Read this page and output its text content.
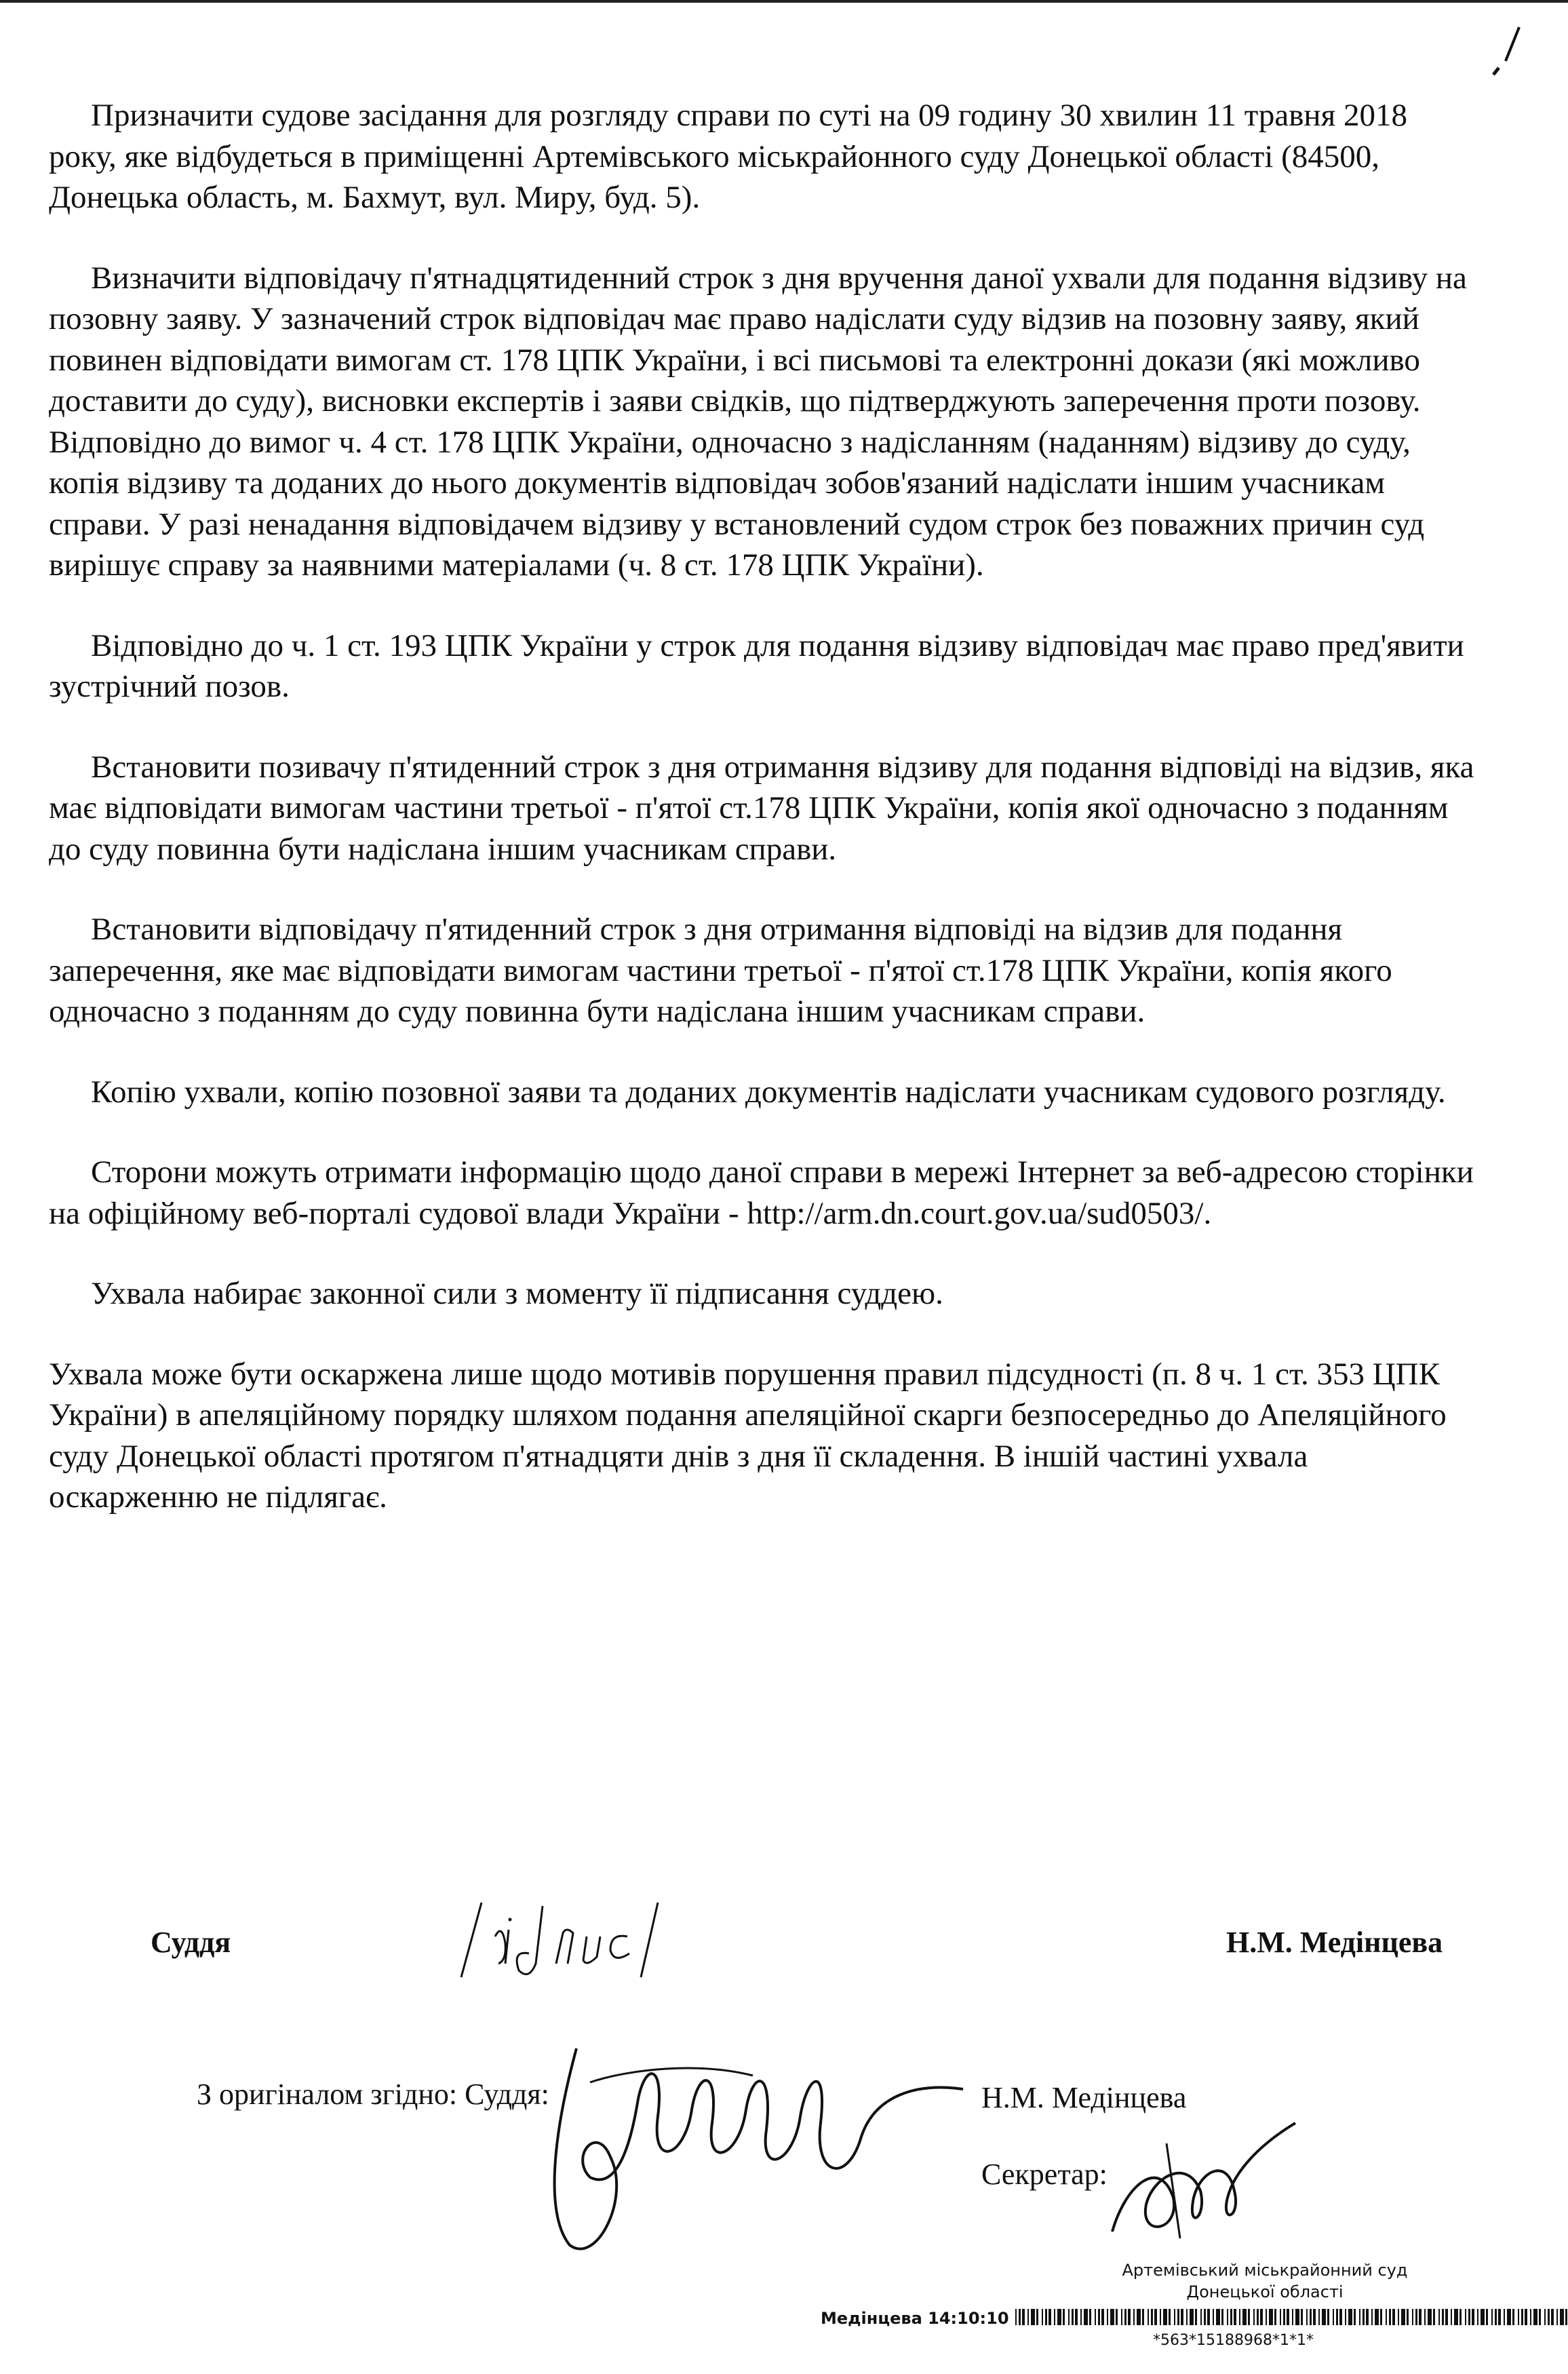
Призначити судове засідання для розгляду справи по суті на 09 годину 30 хвилин 11 травня 2018 року, яке відбудеться в приміщенні Артемівського міськрайонного суду Донецької області (84500, Донецька область, м. Бахмут, вул. Миру, буд. 5).

Визначити відповідачу п'ятнадцятиденний строк з дня вручення даної ухвали для подання відзиву на позовну заяву. У зазначений строк відповідач має право надіслати суду відзив на позовну заяву, який повинен відповідати вимогам ст. 178 ЦПК України, і всі письмові та електронні докази (які можливо доставити до суду), висновки експертів і заяви свідків, що підтверджують заперечення проти позову. Відповідно до вимог ч. 4 ст. 178 ЦПК України, одночасно з надісланням (наданням) відзиву до суду, копія відзиву та доданих до нього документів відповідач зобов'язаний надіслати іншим учасникам справи. У разі ненадання відповідачем відзиву у встановлений судом строк без поважних причин суд вирішує справу за наявними матеріалами (ч. 8 ст. 178 ЦПК України).

Відповідно до ч. 1 ст. 193 ЦПК України у строк для подання відзиву відповідач має право пред'явити зустрічний позов.

Встановити позивачу п'ятиденний строк з дня отримання відзиву для подання відповіді на відзив, яка має відповідати вимогам частини третьої - п'ятої ст.178 ЦПК України, копія якої одночасно з поданням до суду повинна бути надіслана іншим учасникам справи.

Встановити відповідачу п'ятиденний строк з дня отримання відповіді на відзив для подання заперечення, яке має відповідати вимогам частини третьої - п'ятої ст.178 ЦПК України, копія якого одночасно з поданням до суду повинна бути надіслана іншим учасникам справи.

Копію ухвали, копію позовної заяви та доданих документів надіслати учасникам судового розгляду.

Сторони можуть отримати інформацію щодо даної справи в мережі Інтернет за веб-адресою сторінки на офіційному веб-порталі судової влади України - http://arm.dn.court.gov.ua/sud0503/.

Ухвала набирає законної сили з моменту її підписання суддею.

Ухвала може бути оскаржена лише щодо мотивів порушення правил підсудності (п. 8 ч. 1 ст. 353 ЦПК України) в апеляційному порядку шляхом подання апеляційної скарги безпосередньо до Апеляційного суду Донецької області протягом п'ятнадцяти днів з дня її складення. В іншій частині ухвала оскарженню не підлягає.

Суддя	Н.М. Медінцева
З оригіналом згідно: Суддя:	Н.М. Медінцева
Секретар:
Артемівський міськрайонний суд
Донецької області
Медінцева 14:10:10
*563*15188968*1*1*
